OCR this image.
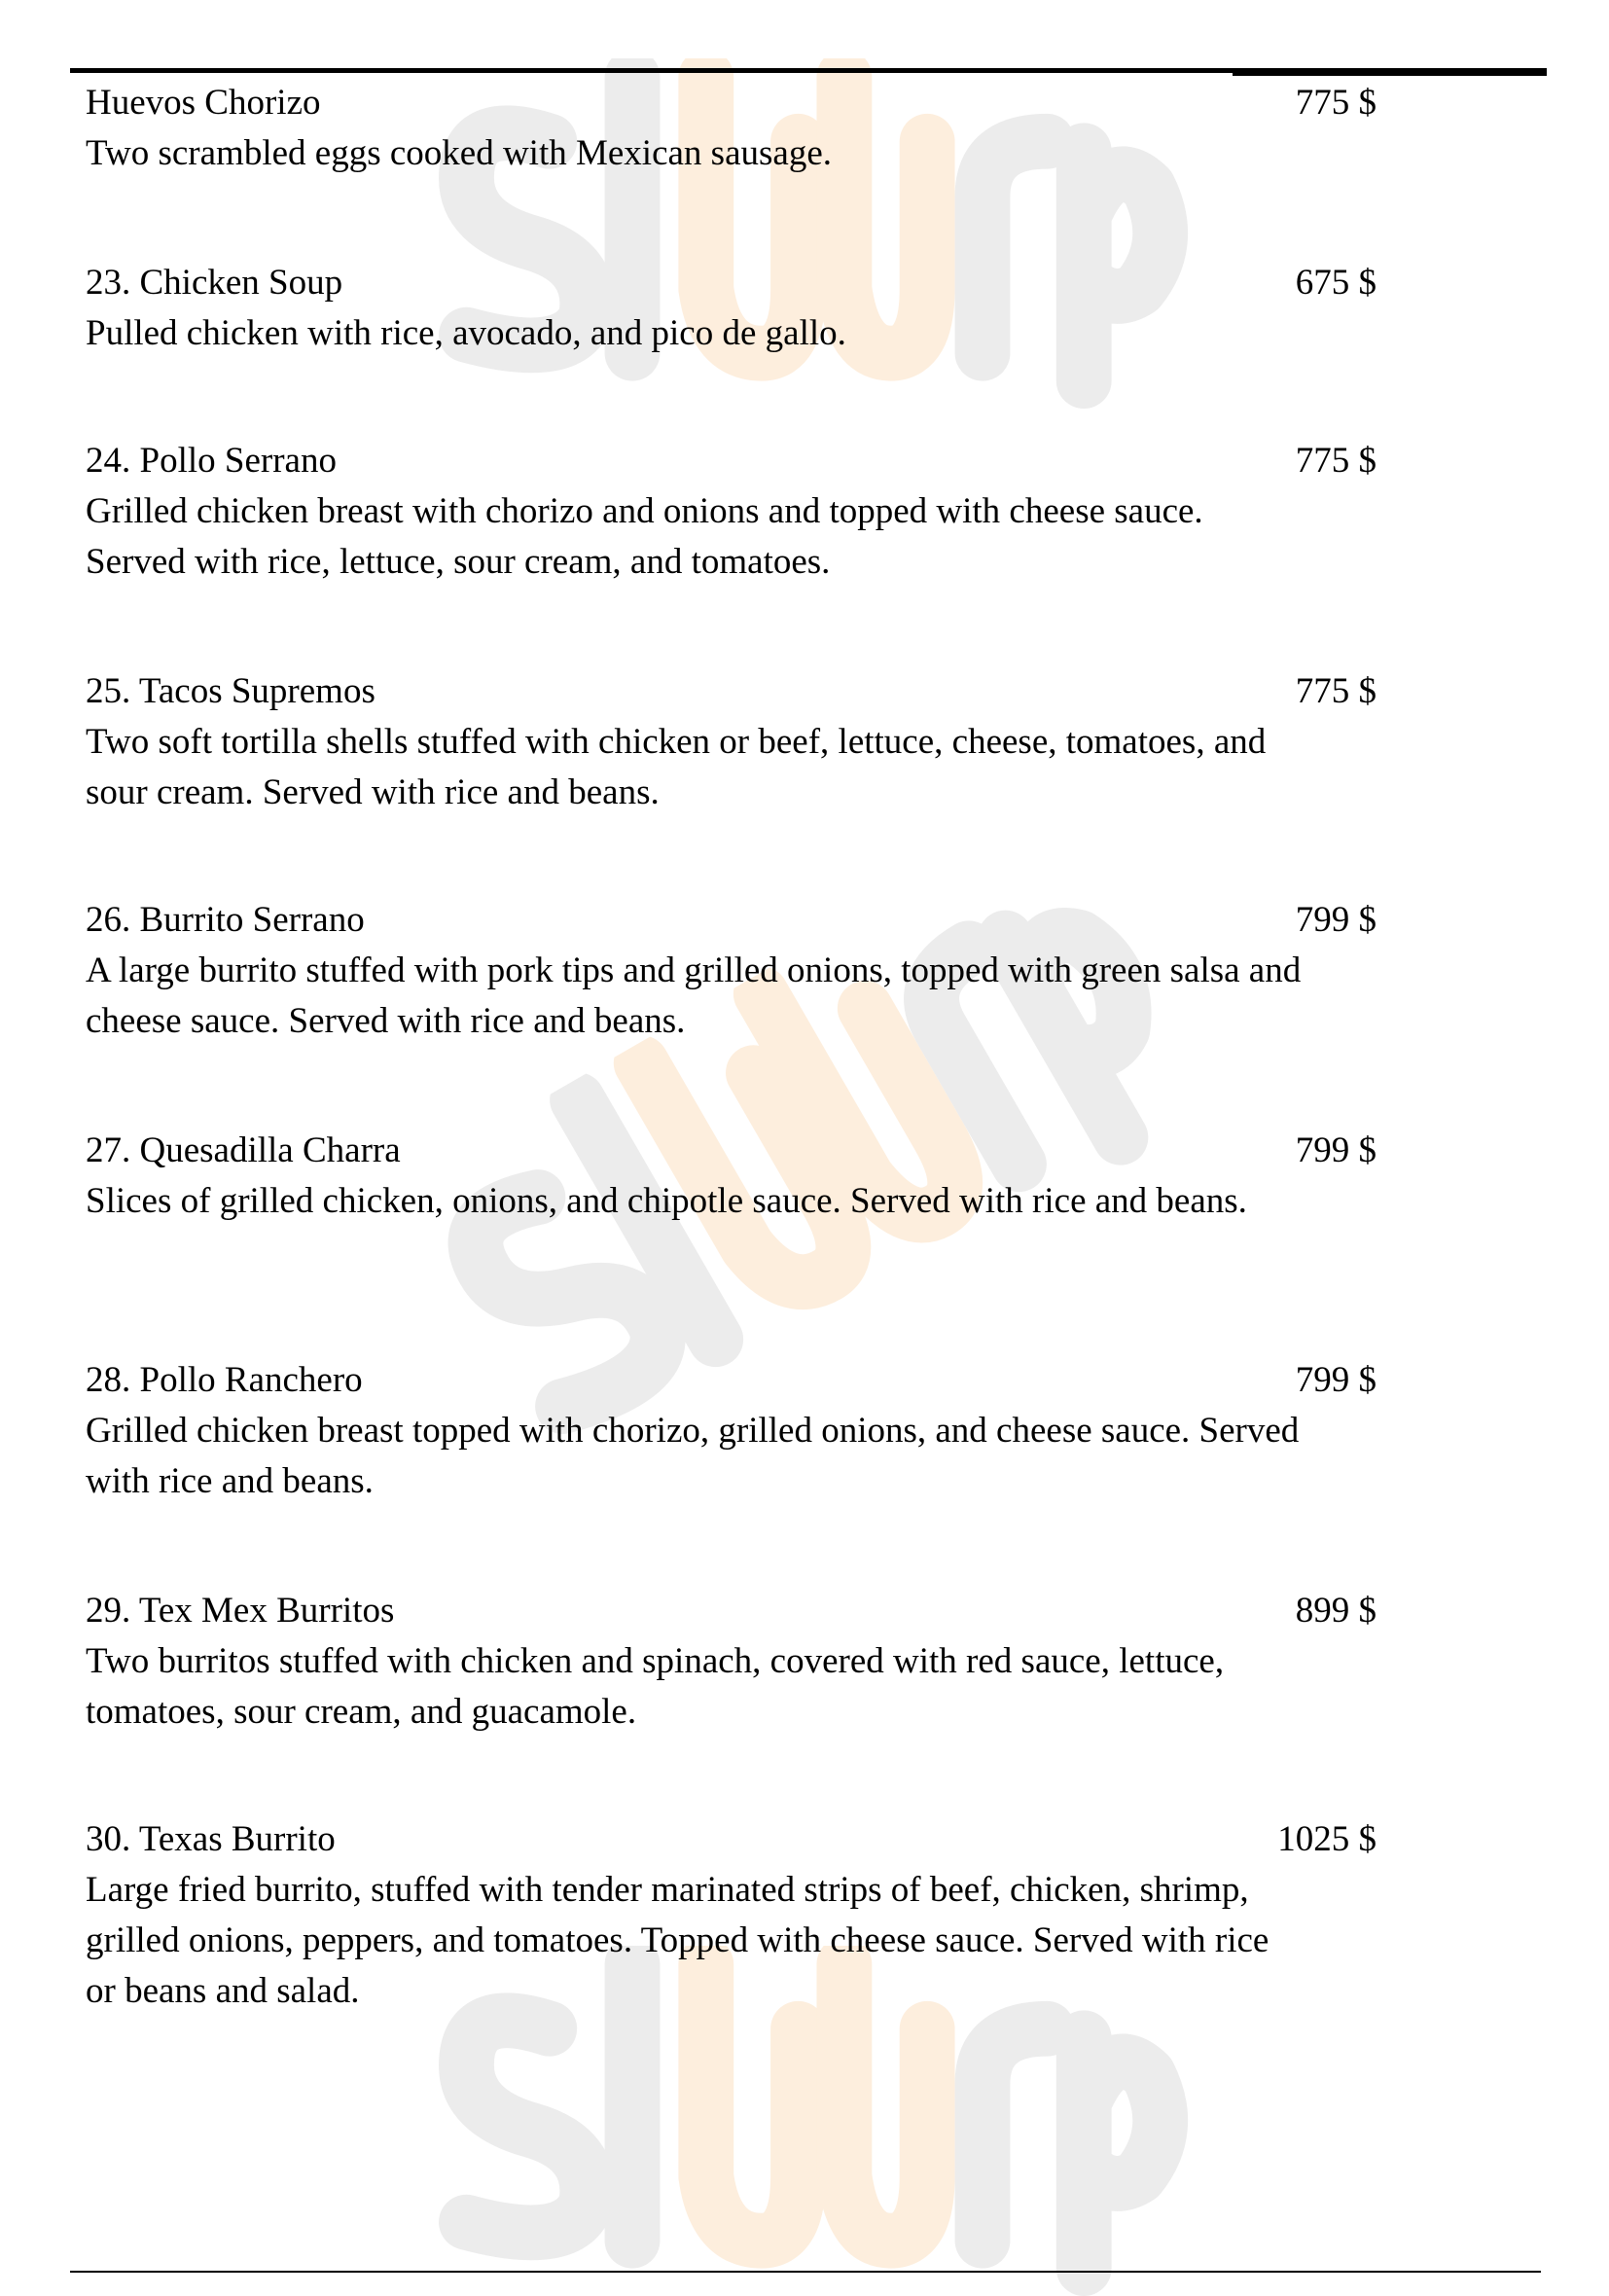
Huevos Chorizo	775 $
Two scrambled eggs cooked with Mexican sausage.
23. Chicken Soup	675 $
Pulled chicken with rice, avocado, and pico de gallo.
24. Pollo Serrano	775 $
Grilled chicken breast with chorizo and onions and topped with cheese sauce. Served with rice, lettuce, sour cream, and tomatoes.
25. Tacos Supremos	775 $
Two soft tortilla shells stuffed with chicken or beef, lettuce, cheese, tomatoes, and sour cream. Served with rice and beans.
26. Burrito Serrano	799 $
A large burrito stuffed with pork tips and grilled onions, topped with green salsa and cheese sauce. Served with rice and beans.
27. Quesadilla Charra	799 $
Slices of grilled chicken, onions, and chipotle sauce. Served with rice and beans.
28. Pollo Ranchero	799 $
Grilled chicken breast topped with chorizo, grilled onions, and cheese sauce. Served with rice and beans.
29. Tex Mex Burritos	899 $
Two burritos stuffed with chicken and spinach, covered with red sauce, lettuce, tomatoes, sour cream, and guacamole.
30. Texas Burrito	1025 $
Large fried burrito, stuffed with tender marinated strips of beef, chicken, shrimp, grilled onions, peppers, and tomatoes. Topped with cheese sauce. Served with rice or beans and salad.
